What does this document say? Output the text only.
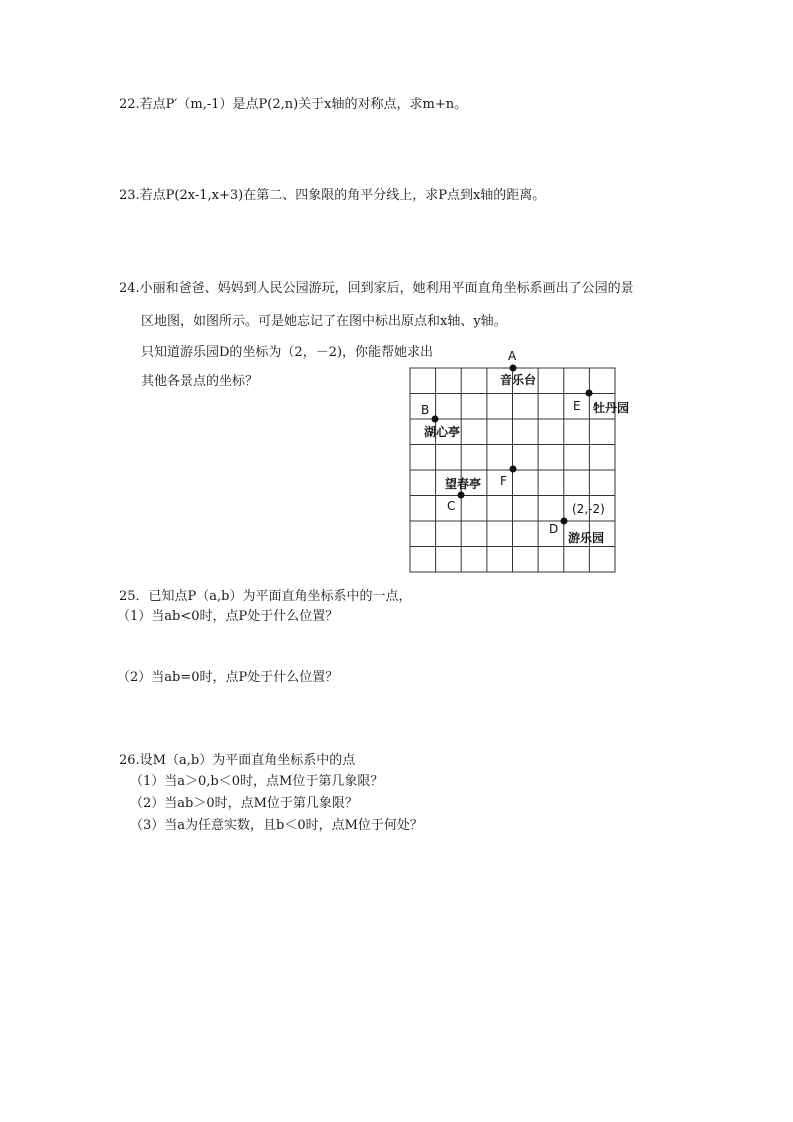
22.若点P′（m,-1）是点P(2,n)关于x轴的对称点，求m+n。
23.若点P(2x-1,x+3)在第二、四象限的角平分线上，求P点到x轴的距离。
24.小丽和爸爸、妈妈到人民公园游玩，回到家后，她利用平面直角坐标系画出了公园的景
区地图，如图所示。可是她忘记了在图中标出原点和x轴、y轴。
只知道游乐园D的坐标为（2，－2)，你能帮她求出
其他各景点的坐标？
A
音乐台
E 牡丹园
B
湖心亭
F
望春亭
C	(2,-2)
D
游乐园
25．已知点P（a,b）为平面直角坐标系中的一点，
（1）当ab<0时，点P处于什么位置？
（2）当ab=0时，点P处于什么位置？
26.设M（a,b）为平面直角坐标系中的点
（1）当a＞0,b＜0时，点M位于第几象限？
（2）当ab＞0时，点M位于第几象限？
（3）当a为任意实数，且b＜0时，点M位于何处？
